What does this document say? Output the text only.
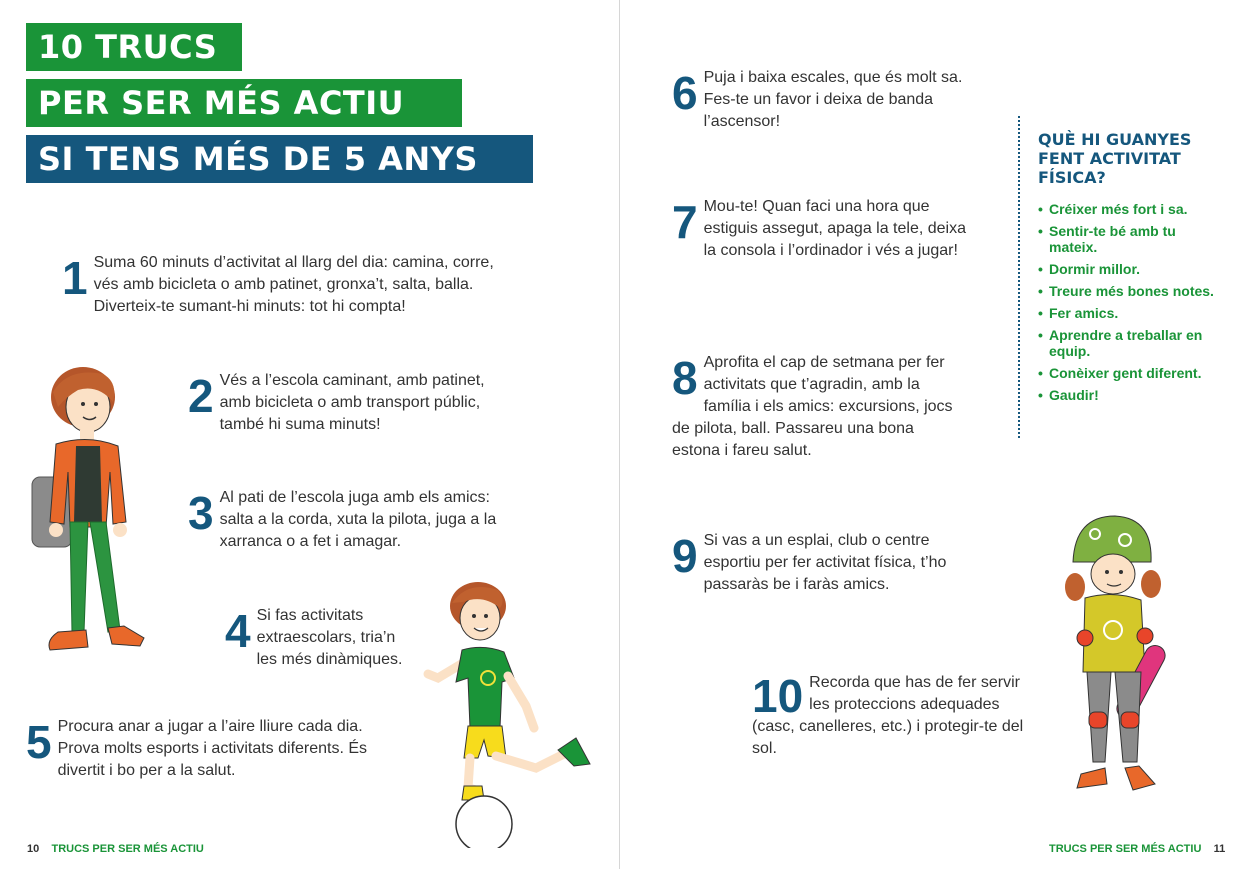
10 TRUCS
PER SER MÉS ACTIU
SI TENS MÉS DE 5 ANYS
1 Suma 60 minuts d’activitat al llarg del dia: camina, corre, vés amb bicicleta o amb patinet, gronxa’t, salta, balla. Diverteix-te sumant-hi minuts: tot hi compta!

2 Vés a l’escola caminant, amb patinet, amb bicicleta o amb transport públic, també hi suma minuts!

3 Al pati de l’escola juga amb els amics: salta a la corda, xuta la pilota, juga a la xarranca o a fet i amagar.

4 Si fas activitats extraescolars, tria’n les més dinàmiques.

5 Procura anar a jugar a l’aire lliure cada dia. Prova molts esports i activitats diferents. És divertit i bo per a la salut.

6 Puja i baixa escales, que és molt sa. Fes-te un favor i deixa de banda l’ascensor!

7 Mou-te! Quan faci una hora que estiguis assegut, apaga la tele, deixa la consola i l’ordinador i vés a jugar!

8 Aprofita el cap de setmana per fer activitats que t’agradin, amb la família i els amics: excursions, jocs de pilota, ball. Passareu una bona estona i fareu salut.

9 Si vas a un esplai, club o centre esportiu per fer activitat física, t’ho passaràs be i faràs amics.

10 Recorda que has de fer servir les proteccions adequades (casc, canelleres, etc.) i protegir-te del sol.

QUÈ HI GUANYES FENT ACTIVITAT FÍSICA?
• Créixer més fort i sa.
• Sentir-te bé amb tu mateix.
• Dormir millor.
• Treure més bones notes.
• Fer amics.
• Aprendre a treballar en equip.
• Conèixer gent diferent.
• Gaudir!
10 TRUCS PER SER MÉS ACTIU	TRUCS PER SER MÉS ACTIU 11
